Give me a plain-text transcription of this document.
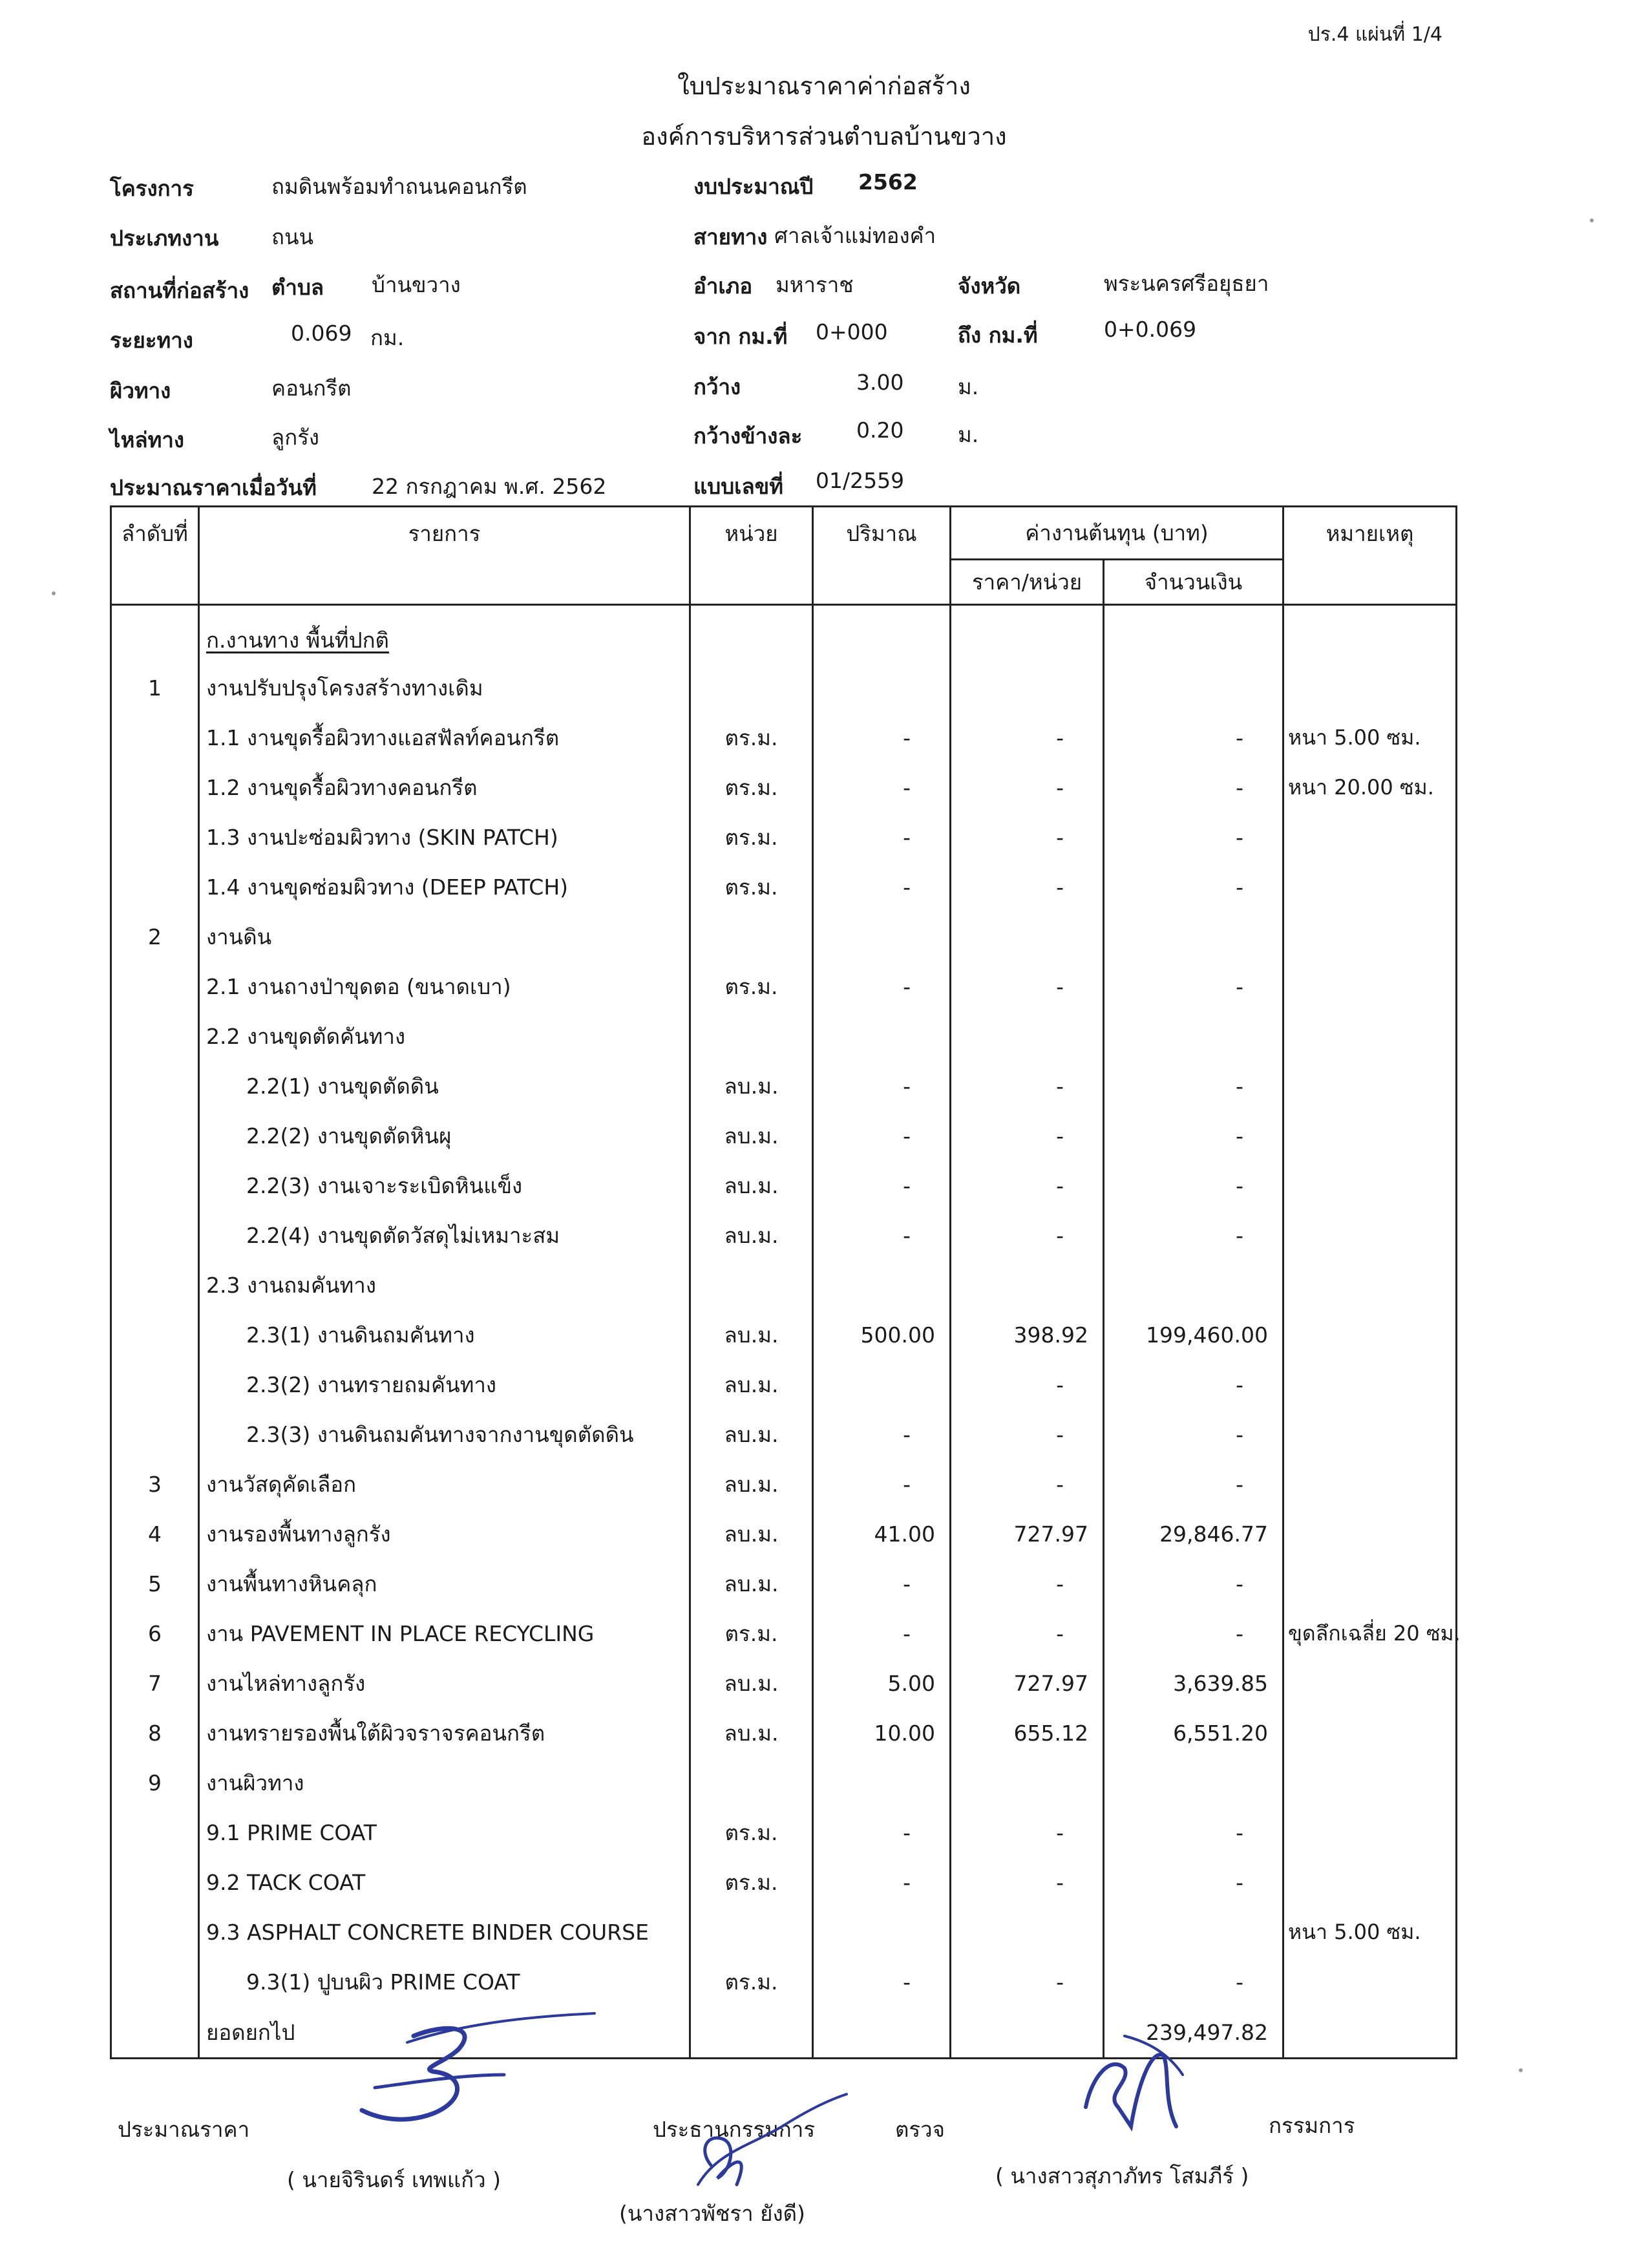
ปร.4 แผ่นที่ 1/4
ใบประมาณราคาค่าก่อสร้าง
องค์การบริหารส่วนตำบลบ้านขวาง
โครงการ	ถมดินพร้อมทำถนนคอนกรีต	งบประมาณปี 2562
ประเภทงาน ถนน	สายทาง ศาลเจ้าแม่ทองคำ
สถานที่ก่อสร้าง ตำบล บ้านขวาง	อำเภอ มหาราช	จังหวัด	พระนครศรีอยุธยา
ระยะทาง	0.069 กม.	จาก กม.ที่ 0+000	ถึง กม.ที่	0+0.069
ผิวทาง	คอนกรีต	กว้าง	3.00	ม.
ไหล่ทาง	ลูกรัง	กว้างข้างละ	0.20	ม.
ประมาณราคาเมื่อวันที่	22 กรกฎาคม พ.ศ. 2562	แบบเลขที่ 01/2559
ลำดับที่	รายการ	หน่วย	ปริมาณ	ค่างานต้นทุน (บาท)		หมายเหตุ
				ราคา/หน่วย	จำนวนเงิน	
	ก.งานทาง พื้นที่ปกติ					
1	งานปรับปรุงโครงสร้างทางเดิม					
	1.1 งานขุดรื้อผิวทางแอสฟัลท์คอนกรีต	ตร.ม.	-	-	-	หนา 5.00 ซม.
	1.2 งานขุดรื้อผิวทางคอนกรีต	ตร.ม.	-	-	-	หนา 20.00 ซม.
	1.3 งานปะซ่อมผิวทาง (SKIN PATCH)	ตร.ม.	-	-	-	
	1.4 งานขุดซ่อมผิวทาง (DEEP PATCH)	ตร.ม.	-	-	-	
2	งานดิน					
	2.1 งานถางป่าขุดตอ (ขนาดเบา)	ตร.ม.	-	-	-	
	2.2 งานขุดตัดคันทาง					
	2.2(1) งานขุดตัดดิน	ลบ.ม.	-	-	-	
	2.2(2) งานขุดตัดหินผุ	ลบ.ม.	-	-	-	
	2.2(3) งานเจาะระเบิดหินแข็ง	ลบ.ม.	-	-	-	
	2.2(4) งานขุดตัดวัสดุไม่เหมาะสม	ลบ.ม.	-	-	-	
	2.3 งานถมคันทาง					
	2.3(1) งานดินถมคันทาง	ลบ.ม.	500.00	398.92	199,460.00	
	2.3(2) งานทรายถมคันทาง	ลบ.ม.		-	-	
	2.3(3) งานดินถมคันทางจากงานขุดตัดดิน	ลบ.ม.	-	-	-	
3	งานวัสดุคัดเลือก	ลบ.ม.	-	-	-	
4	งานรองพื้นทางลูกรัง	ลบ.ม.	41.00	727.97	29,846.77	
5	งานพื้นทางหินคลุก	ลบ.ม.	-	-	-	
6	งาน PAVEMENT IN PLACE RECYCLING	ตร.ม.	-	-	-	ขุดลึกเฉลี่ย 20 ซม.
7	งานไหล่ทางลูกรัง	ลบ.ม.	5.00	727.97	3,639.85	
8	งานทรายรองพื้นใต้ผิวจราจรคอนกรีต	ลบ.ม.	10.00	655.12	6,551.20	
9	งานผิวทาง					
	9.1 PRIME COAT	ตร.ม.	-	-	-	
	9.2 TACK COAT	ตร.ม.	-	-	-	
	9.3 ASPHALT CONCRETE BINDER COURSE					หนา 5.00 ซม.
	9.3(1) ปูบนผิว PRIME COAT	ตร.ม.	-	-	-	
	ยอดยกไป				239,497.82	
ประมาณราคา
( นายจิรินดร์ เทพแก้ว )
ประธานกรรมการ
(นางสาวพัชรา ยังดี)
ตรวจ	กรรมการ
( นางสาวสุภาภัทร โสมภีร์ )
